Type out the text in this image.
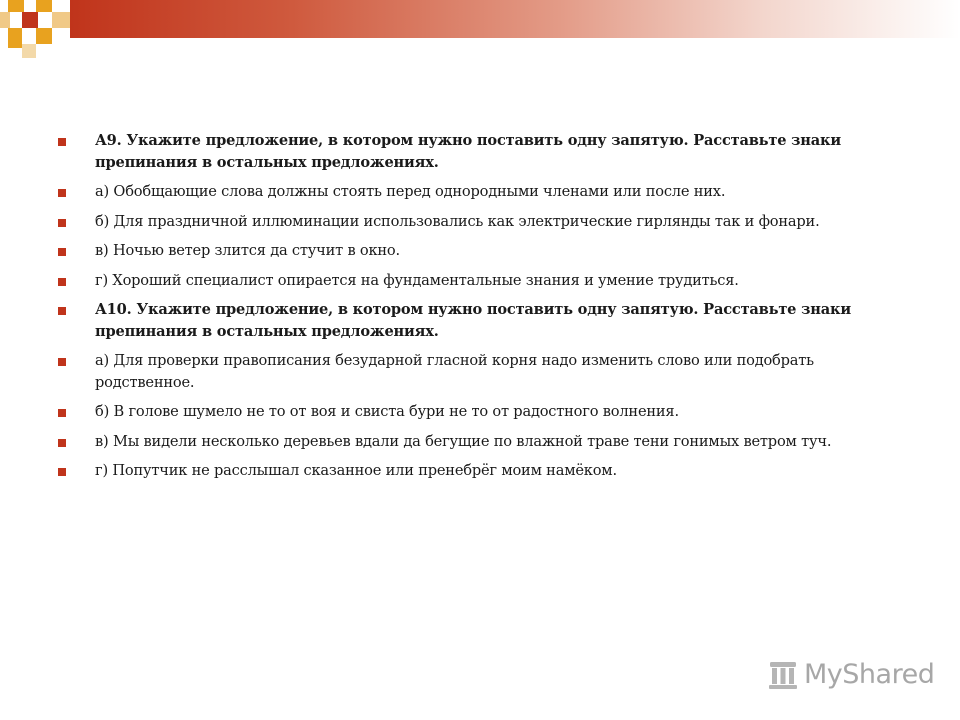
А9. Укажите предложение, в котором нужно поставить одну запятую. Расставьте знаки препинания в остальных предложениях.
а) Обобщающие слова должны стоять перед однородными членами или после них.
б) Для праздничной иллюминации использовались как электрические гирлянды так и фонари.
в) Ночью ветер злится да стучит в окно.
г) Хороший специалист опирается на фундаментальные знания и умение трудиться.
А10. Укажите предложение, в котором нужно поставить одну запятую. Расставьте знаки препинания в остальных предложениях.
а) Для проверки правописания безударной гласной корня надо изменить слово или подобрать родственное.
б) В голове шумело не то от воя и свиста бури не то от радостного волнения.
в) Мы видели несколько деревьев вдали да бегущие по влажной траве тени гонимых ветром туч.
г) Попутчик не расслышал сказанное или пренебрёг моим намёком.
MyShared
